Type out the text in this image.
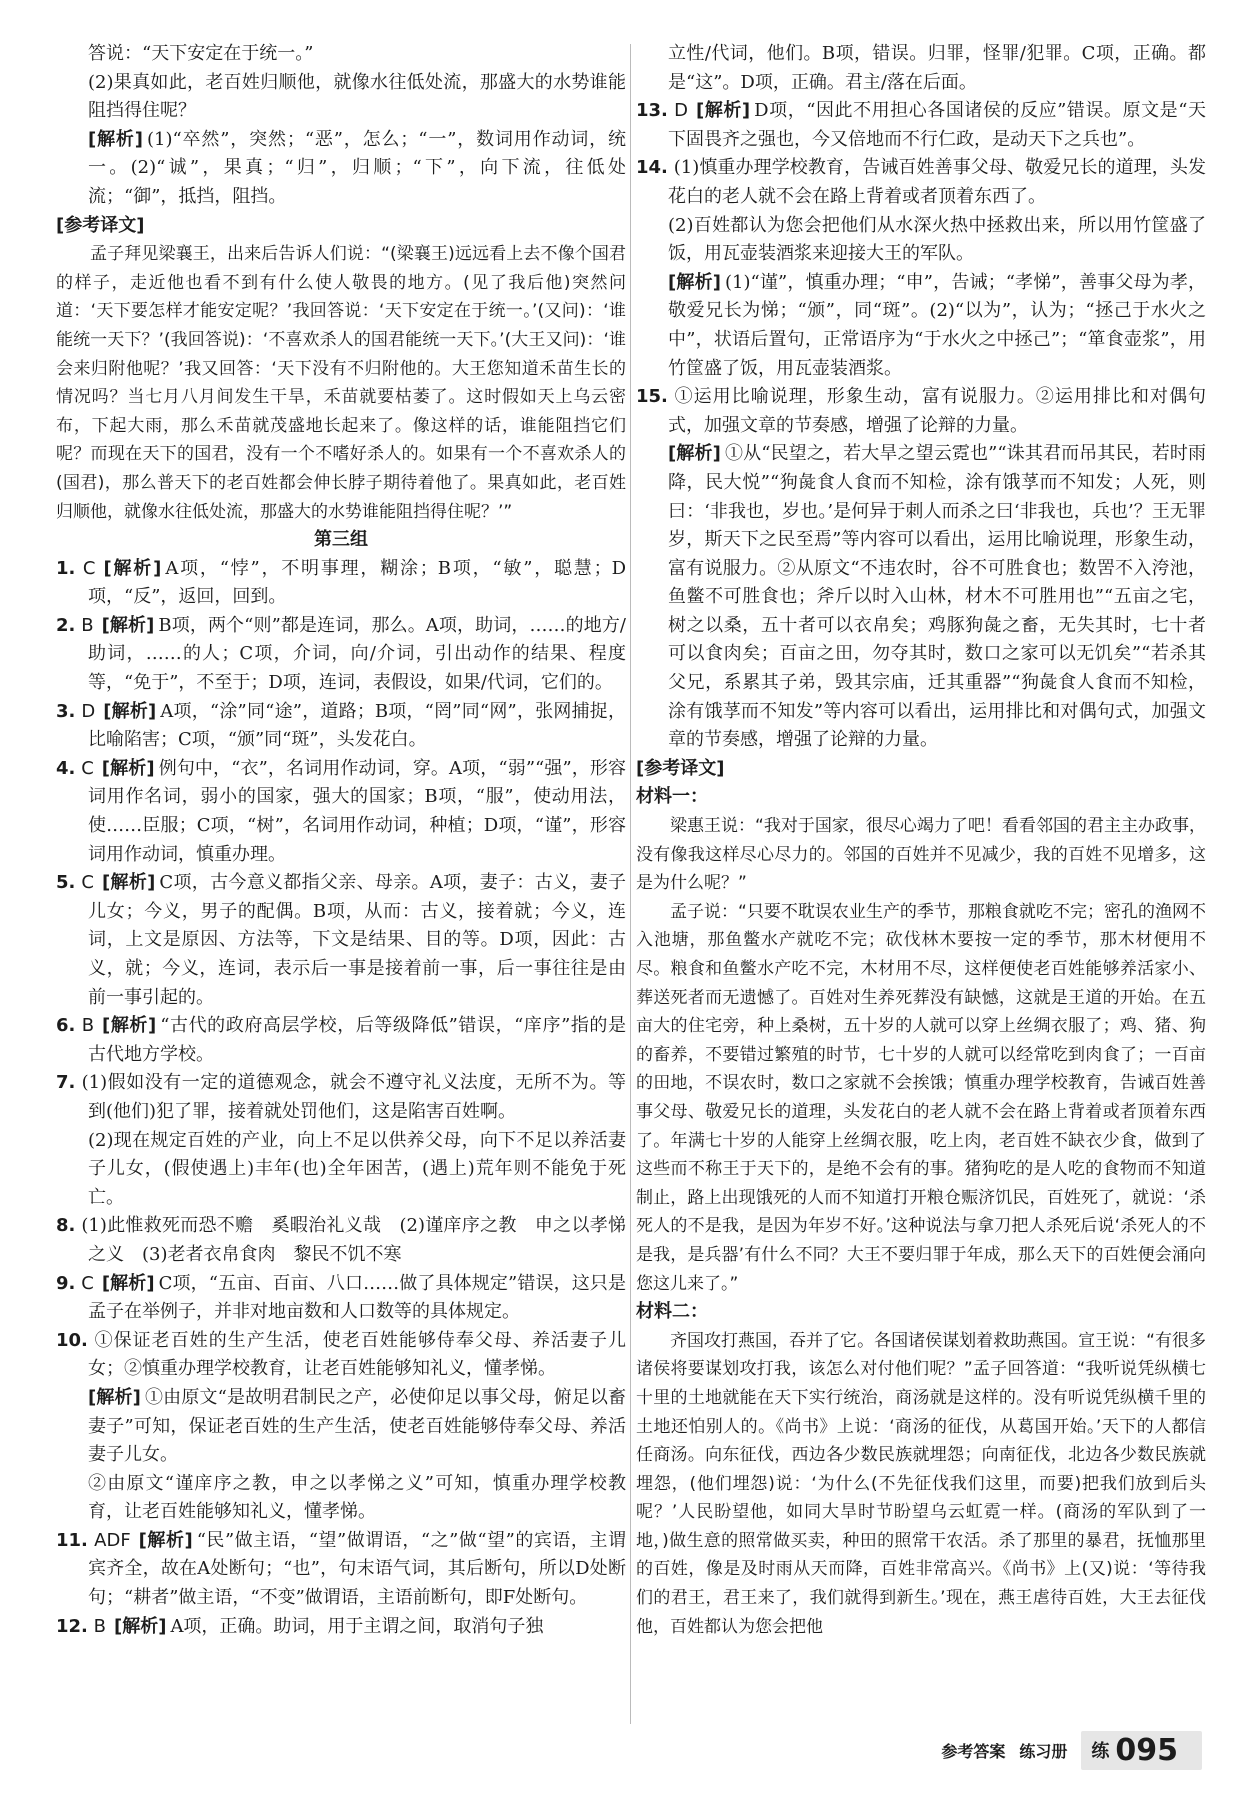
答说：“天下安定在于统一。”

(2)果真如此，老百姓归顺他，就像水往低处流，那盛大的水势谁能阻挡得住呢？

[解析] (1)“卒然”，突然；“恶”，怎么；“一”，数词用作动词，统一。(2)“诚”，果真；“归”，归顺；“下”，向下流，往低处流；“御”，抵挡，阻挡。

[参考译文]

孟子拜见梁襄王，出来后告诉人们说：“(梁襄王)远远看上去不像个国君的样子，走近他也看不到有什么使人敬畏的地方。(见了我后他)突然问道：‘天下要怎样才能安定呢？’我回答说：‘天下安定在于统一。’(又问)：‘谁能统一天下？’(我回答说)：‘不喜欢杀人的国君能统一天下。’(大王又问)：‘谁会来归附他呢？’我又回答：‘天下没有不归附他的。大王您知道禾苗生长的情况吗？当七月八月间发生干旱，禾苗就要枯萎了。这时假如天上乌云密布，下起大雨，那么禾苗就茂盛地长起来了。像这样的话，谁能阻挡它们呢？而现在天下的国君，没有一个不嗜好杀人的。如果有一个不喜欢杀人的(国君)，那么普天下的老百姓都会伸长脖子期待着他了。果真如此，老百姓归顺他，就像水往低处流，那盛大的水势谁能阻挡得住呢？’”

第三组

1. C [解析] A项，“悖”，不明事理，糊涂；B项，“敏”，聪慧；D项，“反”，返回，回到。

2. B [解析] B项，两个“则”都是连词，那么。A项，助词，……的地方/助词，……的人；C项，介词，向/介词，引出动作的结果、程度等，“免于”，不至于；D项，连词，表假设，如果/代词，它们的。

3. D [解析] A项，“涂”同“途”，道路；B项，“罔”同“网”，张网捕捉，比喻陷害；C项，“颁”同“斑”，头发花白。

4. C [解析] 例句中，“衣”，名词用作动词，穿。A项，“弱”“强”，形容词用作名词，弱小的国家，强大的国家；B项，“服”，使动用法，使……臣服；C项，“树”，名词用作动词，种植；D项，“谨”，形容词用作动词，慎重办理。

5. C [解析] C项，古今意义都指父亲、母亲。A项，妻子：古义，妻子儿女；今义，男子的配偶。B项，从而：古义，接着就；今义，连词，上文是原因、方法等，下文是结果、目的等。D项，因此：古义，就；今义，连词，表示后一事是接着前一事，后一事往往是由前一事引起的。

6. B [解析] “古代的政府高层学校，后等级降低”错误，“庠序”指的是古代地方学校。

7. (1)假如没有一定的道德观念，就会不遵守礼义法度，无所不为。等到(他们)犯了罪，接着就处罚他们，这是陷害百姓啊。

(2)现在规定百姓的产业，向上不足以供养父母，向下不足以养活妻子儿女，(假使遇上)丰年(也)全年困苦，(遇上)荒年则不能免于死亡。

8. (1)此惟救死而恐不赡　奚暇治礼义哉　(2)谨庠序之教　申之以孝悌之义　(3)老者衣帛食肉　黎民不饥不寒

9. C [解析] C项，“五亩、百亩、八口……做了具体规定”错误，这只是孟子在举例子，并非对地亩数和人口数等的具体规定。

10. ①保证老百姓的生产生活，使老百姓能够侍奉父母、养活妻子儿女；②慎重办理学校教育，让老百姓能够知礼义，懂孝悌。

[解析] ①由原文“是故明君制民之产，必使仰足以事父母，俯足以畜妻子”可知，保证老百姓的生产生活，使老百姓能够侍奉父母、养活妻子儿女。

②由原文“谨庠序之教，申之以孝悌之义”可知，慎重办理学校教育，让老百姓能够知礼义，懂孝悌。

11. ADF [解析] “民”做主语，“望”做谓语，“之”做“望”的宾语，主谓宾齐全，故在A处断句；“也”，句末语气词，其后断句，所以D处断句；“耕者”做主语，“不变”做谓语，主语前断句，即F处断句。

12. B [解析] A项，正确。助词，用于主谓之间，取消句子独

立性/代词，他们。B项，错误。归罪，怪罪/犯罪。C项，正确。都是“这”。D项，正确。君主/落在后面。

13. D [解析] D项，“因此不用担心各国诸侯的反应”错误。原文是“天下固畏齐之强也，今又倍地而不行仁政，是动天下之兵也”。

14. (1)慎重办理学校教育，告诫百姓善事父母、敬爱兄长的道理，头发花白的老人就不会在路上背着或者顶着东西了。

(2)百姓都认为您会把他们从水深火热中拯救出来，所以用竹筐盛了饭，用瓦壶装酒浆来迎接大王的军队。

[解析] (1)“谨”，慎重办理；“申”，告诫；“孝悌”，善事父母为孝，敬爱兄长为悌；“颁”，同“斑”。(2)“以为”，认为；“拯己于水火之中”，状语后置句，正常语序为“于水火之中拯己”；“箪食壶浆”，用竹筐盛了饭，用瓦壶装酒浆。

15. ①运用比喻说理，形象生动，富有说服力。②运用排比和对偶句式，加强文章的节奏感，增强了论辩的力量。

[解析] ①从“民望之，若大旱之望云霓也”“诛其君而吊其民，若时雨降，民大悦”“狗彘食人食而不知检，涂有饿莩而不知发；人死，则曰：‘非我也，岁也。’是何异于刺人而杀之曰‘非我也，兵也’？王无罪岁，斯天下之民至焉”等内容可以看出，运用比喻说理，形象生动，富有说服力。②从原文“不违农时，谷不可胜食也；数罟不入洿池，鱼鳖不可胜食也；斧斤以时入山林，材木不可胜用也”“五亩之宅，树之以桑，五十者可以衣帛矣；鸡豚狗彘之畜，无失其时，七十者可以食肉矣；百亩之田，勿夺其时，数口之家可以无饥矣”“若杀其父兄，系累其子弟，毁其宗庙，迁其重器”“狗彘食人食而不知检，涂有饿莩而不知发”等内容可以看出，运用排比和对偶句式，加强文章的节奏感，增强了论辩的力量。

[参考译文]

材料一：

梁惠王说：“我对于国家，很尽心竭力了吧！看看邻国的君主主办政事，没有像我这样尽心尽力的。邻国的百姓并不见减少，我的百姓不见增多，这是为什么呢？”

孟子说：“只要不耽误农业生产的季节，那粮食就吃不完；密孔的渔网不入池塘，那鱼鳖水产就吃不完；砍伐林木要按一定的季节，那木材便用不尽。粮食和鱼鳖水产吃不完，木材用不尽，这样便使老百姓能够养活家小、葬送死者而无遗憾了。百姓对生养死葬没有缺憾，这就是王道的开始。在五亩大的住宅旁，种上桑树，五十岁的人就可以穿上丝绸衣服了；鸡、猪、狗的畜养，不要错过繁殖的时节，七十岁的人就可以经常吃到肉食了；一百亩的田地，不误农时，数口之家就不会挨饿；慎重办理学校教育，告诫百姓善事父母、敬爱兄长的道理，头发花白的老人就不会在路上背着或者顶着东西了。年满七十岁的人能穿上丝绸衣服，吃上肉，老百姓不缺衣少食，做到了这些而不称王于天下的，是绝不会有的事。猪狗吃的是人吃的食物而不知道制止，路上出现饿死的人而不知道打开粮仓赈济饥民，百姓死了，就说：‘杀死人的不是我，是因为年岁不好。’这种说法与拿刀把人杀死后说‘杀死人的不是我，是兵器’有什么不同？大王不要归罪于年成，那么天下的百姓便会涌向您这儿来了。”

材料二：

齐国攻打燕国，吞并了它。各国诸侯谋划着救助燕国。宣王说：“有很多诸侯将要谋划攻打我，该怎么对付他们呢？”孟子回答道：“我听说凭纵横七十里的土地就能在天下实行统治，商汤就是这样的。没有听说凭纵横千里的土地还怕别人的。《尚书》上说：‘商汤的征伐，从葛国开始。’天下的人都信任商汤。向东征伐，西边各少数民族就埋怨；向南征伐，北边各少数民族就埋怨，(他们埋怨)说：‘为什么(不先征伐我们这里，而要)把我们放到后头呢？’人民盼望他，如同大旱时节盼望乌云虹霓一样。(商汤的军队到了一地，)做生意的照常做买卖，种田的照常干农活。杀了那里的暴君，抚恤那里的百姓，像是及时雨从天而降，百姓非常高兴。《尚书》上(又)说：‘等待我们的君王，君王来了，我们就得到新生。’现在，燕王虐待百姓，大王去征伐他，百姓都认为您会把他

参考答案 练习册 练 095
